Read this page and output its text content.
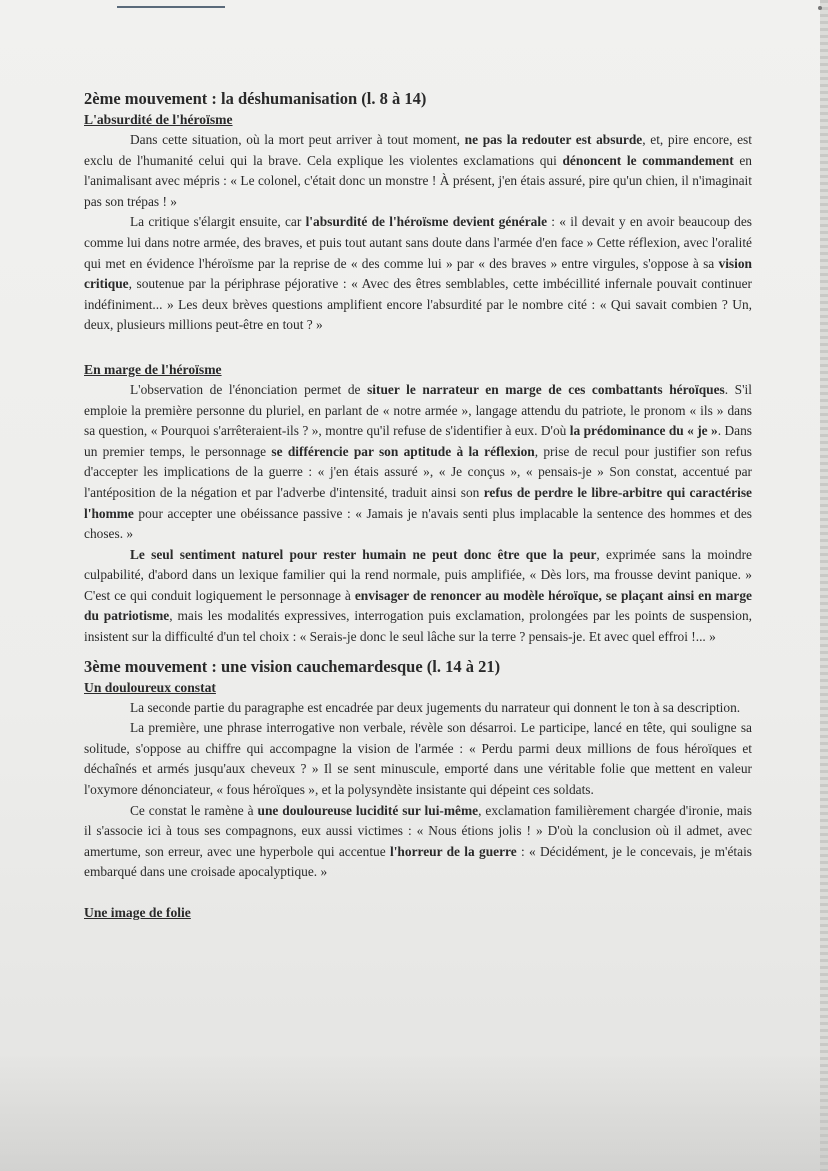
2ème mouvement : la déshumanisation (l. 8 à 14)
L'absurdité de l'héroïsme

Dans cette situation, où la mort peut arriver à tout moment, ne pas la redouter est absurde, et, pire encore, est exclu de l'humanité celui qui la brave. Cela explique les violentes exclamations qui dénoncent le commandement en l'animalisant avec mépris : « Le colonel, c'était donc un monstre ! À présent, j'en étais assuré, pire qu'un chien, il n'imaginait pas son trépas ! »

La critique s'élargit ensuite, car l'absurdité de l'héroïsme devient générale : « il devait y en avoir beaucoup des comme lui dans notre armée, des braves, et puis tout autant sans doute dans l'armée d'en face » Cette réflexion, avec l'oralité qui met en évidence l'héroïsme par la reprise de « des comme lui » par « des braves » entre virgules, s'oppose à sa vision critique, soutenue par la périphrase péjorative : « Avec des êtres semblables, cette imbécillité infernale pouvait continuer indéfiniment... » Les deux brèves questions amplifient encore l'absurdité par le nombre cité : « Qui savait combien ? Un, deux, plusieurs millions peut-être en tout ? »

En marge de l'héroïsme

L'observation de l'énonciation permet de situer le narrateur en marge de ces combattants héroïques. S'il emploie la première personne du pluriel, en parlant de « notre armée », langage attendu du patriote, le pronom « ils » dans sa question, « Pourquoi s'arrêteraient-ils ? », montre qu'il refuse de s'identifier à eux. D'où la prédominance du « je ». Dans un premier temps, le personnage se différencie par son aptitude à la réflexion, prise de recul pour justifier son refus d'accepter les implications de la guerre : « j'en étais assuré », « Je conçus », « pensais-je » Son constat, accentué par l'antéposition de la négation et par l'adverbe d'intensité, traduit ainsi son refus de perdre le libre-arbitre qui caractérise l'homme pour accepter une obéissance passive : « Jamais je n'avais senti plus implacable la sentence des hommes et des choses. »

Le seul sentiment naturel pour rester humain ne peut donc être que la peur, exprimée sans la moindre culpabilité, d'abord dans un lexique familier qui la rend normale, puis amplifiée, « Dès lors, ma frousse devint panique. » C'est ce qui conduit logiquement le personnage à envisager de renoncer au modèle héroïque, se plaçant ainsi en marge du patriotisme, mais les modalités expressives, interrogation puis exclamation, prolongées par les points de suspension, insistent sur la difficulté d'un tel choix : « Serais-je donc le seul lâche sur la terre ? pensais-je. Et avec quel effroi !... »

3ème mouvement : une vision cauchemardesque (l. 14 à 21)
Un douloureux constat

La seconde partie du paragraphe est encadrée par deux jugements du narrateur qui donnent le ton à sa description.

La première, une phrase interrogative non verbale, révèle son désarroi. Le participe, lancé en tête, qui souligne sa solitude, s'oppose au chiffre qui accompagne la vision de l'armée : « Perdu parmi deux millions de fous héroïques et déchaînés et armés jusqu'aux cheveux ? » Il se sent minuscule, emporté dans une véritable folie que mettent en valeur l'oxymore dénonciateur, « fous héroïques », et la polysyndète insistante qui dépeint ces soldats.

Ce constat le ramène à une douloureuse lucidité sur lui-même, exclamation familièrement chargée d'ironie, mais il s'associe ici à tous ses compagnons, eux aussi victimes : « Nous étions jolis ! » D'où la conclusion où il admet, avec amertume, son erreur, avec une hyperbole qui accentue l'horreur de la guerre : « Décidément, je le concevais, je m'étais embarqué dans une croisade apocalyptique. »

Une image de folie
